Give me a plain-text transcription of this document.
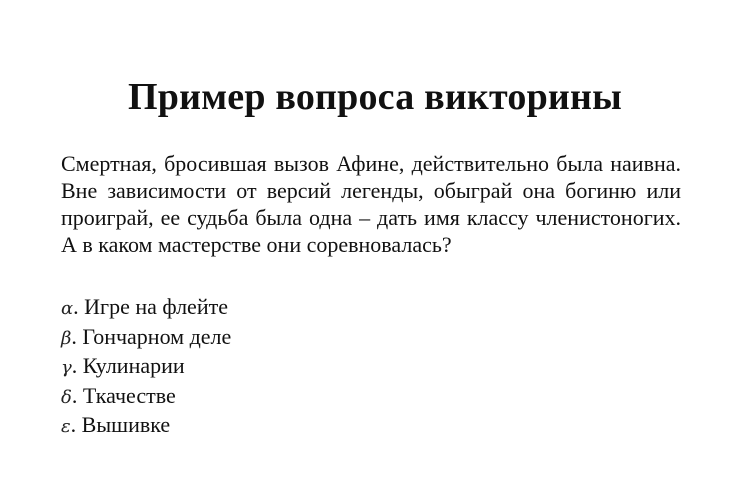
Пример вопроса викторины

Смертная, бросившая вызов Афине, действительно была наивна. Вне зависимости от версий легенды, обыграй она богиню или проиграй, ее судьба была одна – дать имя классу членистоногих. А в каком мастерстве они соревновалась?

α. Игре на флейте
β. Гончарном деле
γ. Кулинарии
δ. Ткачестве
ε. Вышивке
